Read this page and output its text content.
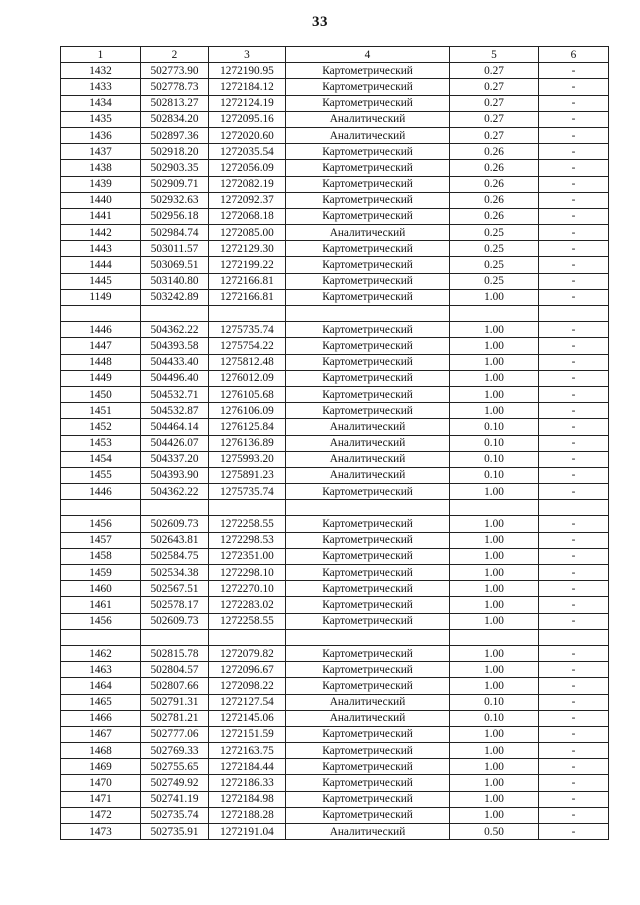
33
1	2	3	4	5	6
1432	502773.90	1272190.95	Картометрический	0.27	-
1433	502778.73	1272184.12	Картометрический	0.27	-
1434	502813.27	1272124.19	Картометрический	0.27	-
1435	502834.20	1272095.16	Аналитический	0.27	-
1436	502897.36	1272020.60	Аналитический	0.27	-
1437	502918.20	1272035.54	Картометрический	0.26	-
1438	502903.35	1272056.09	Картометрический	0.26	-
1439	502909.71	1272082.19	Картометрический	0.26	-
1440	502932.63	1272092.37	Картометрический	0.26	-
1441	502956.18	1272068.18	Картометрический	0.26	-
1442	502984.74	1272085.00	Аналитический	0.25	-
1443	503011.57	1272129.30	Картометрический	0.25	-
1444	503069.51	1272199.22	Картометрический	0.25	-
1445	503140.80	1272166.81	Картометрический	0.25	-
1149	503242.89	1272166.81	Картометрический	1.00	-

1446	504362.22	1275735.74	Картометрический	1.00	-
1447	504393.58	1275754.22	Картометрический	1.00	-
1448	504433.40	1275812.48	Картометрический	1.00	-
1449	504496.40	1276012.09	Картометрический	1.00	-
1450	504532.71	1276105.68	Картометрический	1.00	-
1451	504532.87	1276106.09	Картометрический	1.00	-
1452	504464.14	1276125.84	Аналитический	0.10	-
1453	504426.07	1276136.89	Аналитический	0.10	-
1454	504337.20	1275993.20	Аналитический	0.10	-
1455	504393.90	1275891.23	Аналитический	0.10	-
1446	504362.22	1275735.74	Картометрический	1.00	-

1456	502609.73	1272258.55	Картометрический	1.00	-
1457	502643.81	1272298.53	Картометрический	1.00	-
1458	502584.75	1272351.00	Картометрический	1.00	-
1459	502534.38	1272298.10	Картометрический	1.00	-
1460	502567.51	1272270.10	Картометрический	1.00	-
1461	502578.17	1272283.02	Картометрический	1.00	-
1456	502609.73	1272258.55	Картометрический	1.00	-

1462	502815.78	1272079.82	Картометрический	1.00	-
1463	502804.57	1272096.67	Картометрический	1.00	-
1464	502807.66	1272098.22	Картометрический	1.00	-
1465	502791.31	1272127.54	Аналитический	0.10	-
1466	502781.21	1272145.06	Аналитический	0.10	-
1467	502777.06	1272151.59	Картометрический	1.00	-
1468	502769.33	1272163.75	Картометрический	1.00	-
1469	502755.65	1272184.44	Картометрический	1.00	-
1470	502749.92	1272186.33	Картометрический	1.00	-
1471	502741.19	1272184.98	Картометрический	1.00	-
1472	502735.74	1272188.28	Картометрический	1.00	-
1473	502735.91	1272191.04	Аналитический	0.50	-
